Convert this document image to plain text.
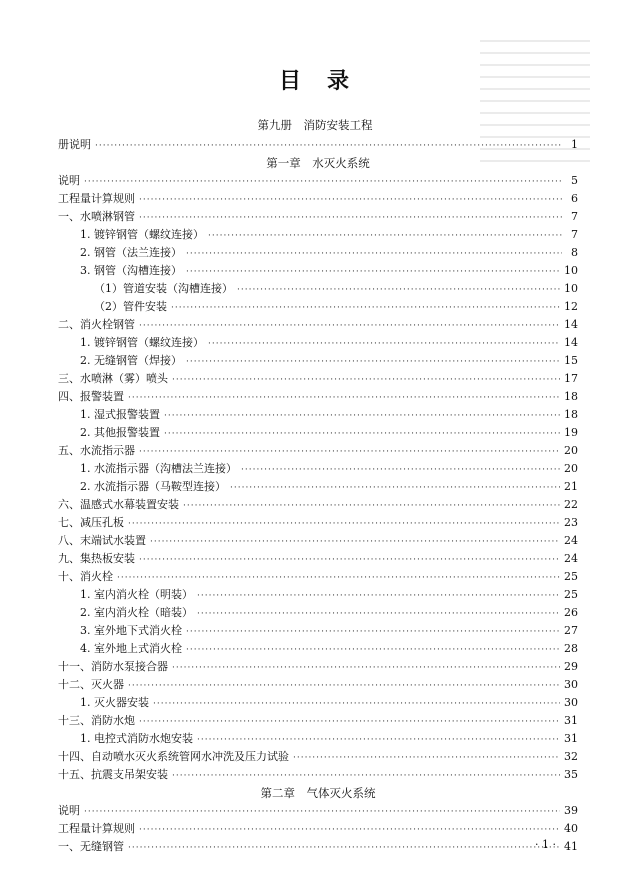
目 录
第九册　消防安装工程
册说明 ·····	1
第一章　水灭火系统
说明 ·····	5
工程量计算规则 ·····	6
一、水喷淋钢管 ·····	7
1. 镀锌钢管（螺纹连接） ·····	7
2. 钢管（法兰连接） ·····	8
3. 钢管（沟槽连接） ·····	10
（1）管道安装（沟槽连接） ·····	10
（2）管件安装 ·····	12
二、消火栓钢管 ·····	14
1. 镀锌钢管（螺纹连接） ·····	14
2. 无缝钢管（焊接） ·····	15
三、水喷淋（雾）喷头 ·····	17
四、报警装置 ·····	18
1. 湿式报警装置 ·····	18
2. 其他报警装置 ·····	19
五、水流指示器 ·····	20
1. 水流指示器（沟槽法兰连接） ·····	20
2. 水流指示器（马鞍型连接） ·····	21
六、温感式水幕装置安装 ·····	22
七、减压孔板 ·····	23
八、末端试水装置 ·····	24
九、集热板安装 ·····	24
十、消火栓 ·····	25
1. 室内消火栓（明装） ·····	25
2. 室内消火栓（暗装） ·····	26
3. 室外地下式消火栓 ·····	27
4. 室外地上式消火栓 ·····	28
十一、消防水泵接合器 ·····	29
十二、灭火器 ·····	30
1. 灭火器安装 ·····	30
十三、消防水炮 ·····	31
1. 电控式消防水炮安装 ·····	31
十四、自动喷水灭火系统管网水冲洗及压力试验 ·····	32
十五、抗震支吊架安装 ·····	35
第二章　气体灭火系统
说明 ·····	39
工程量计算规则 ·····	40
一、无缝钢管 ·····	41
· 1 ·
